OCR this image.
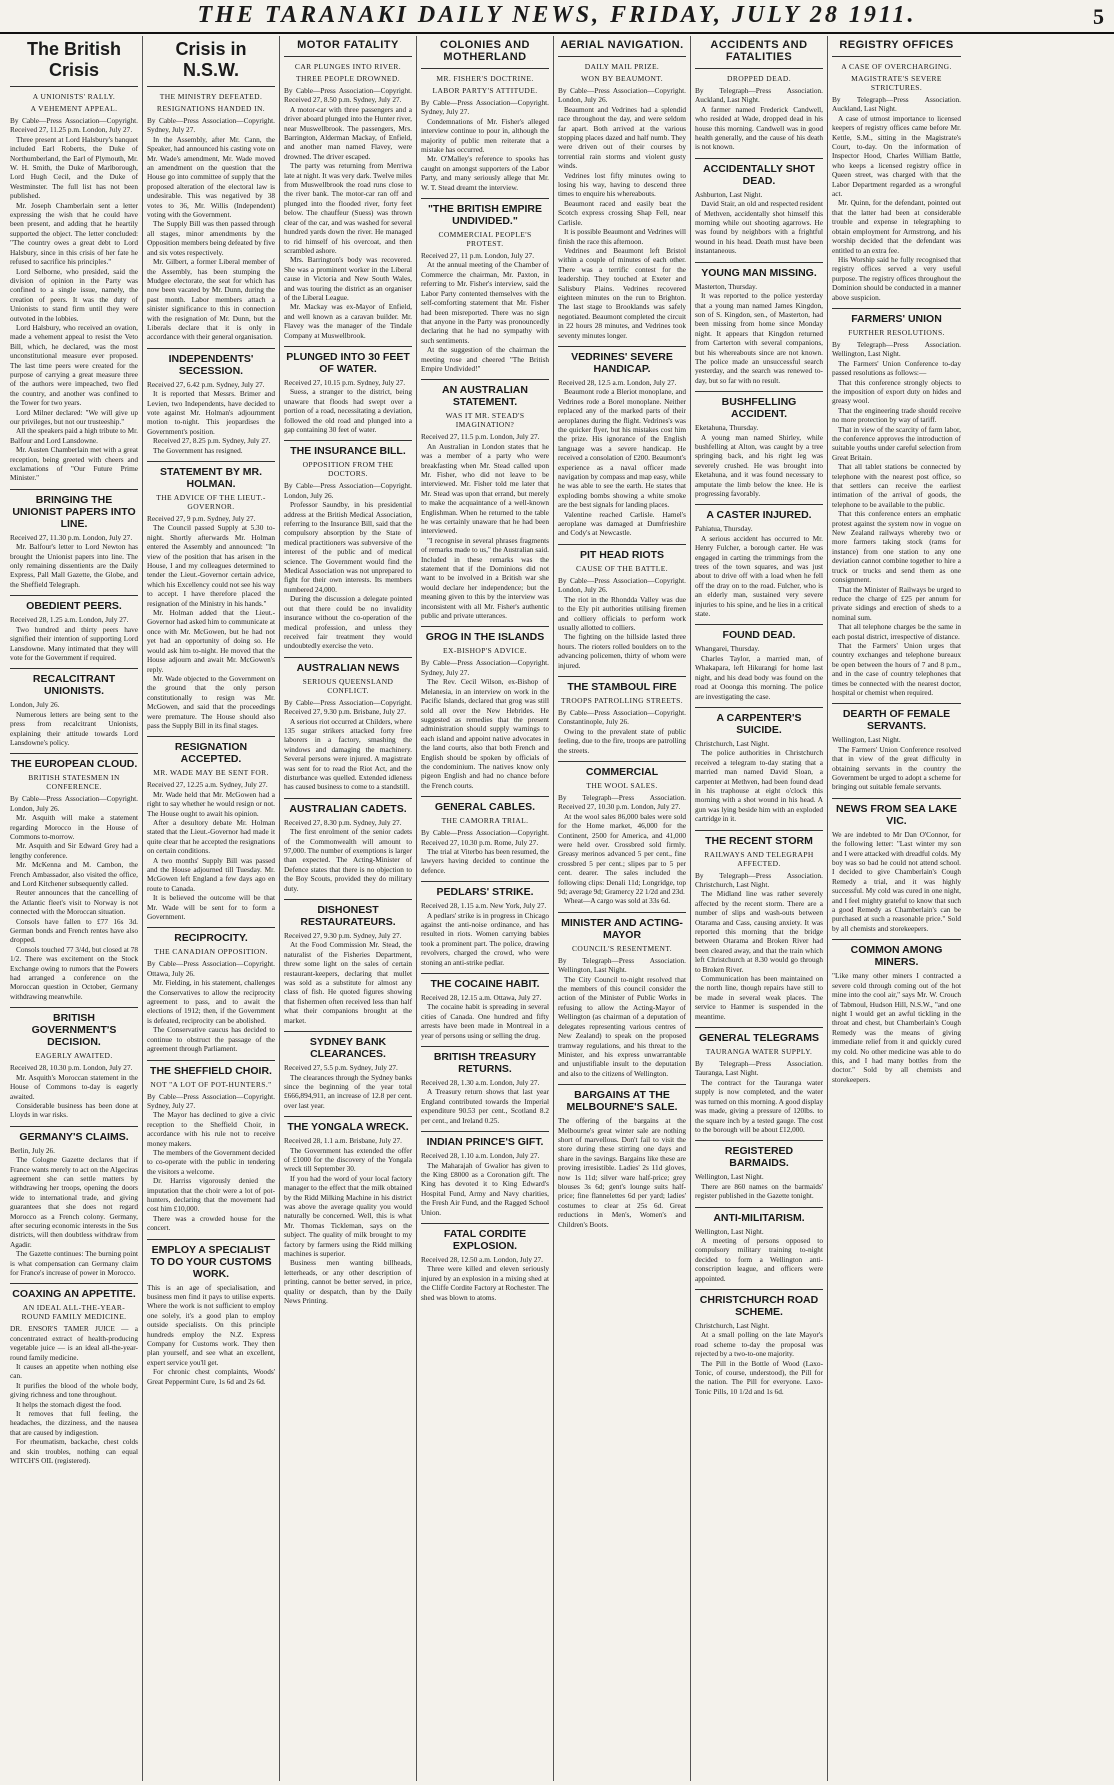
THE TARANAKI DAILY NEWS, FRIDAY, JULY 28 1911.	5
The British Crisis
A UNIONISTS' RALLY.
A VEHEMENT APPEAL.

By Cable—Press Association—Copyright. Received 27, 11.25 p.m. London, July 27.

Three present at Lord Halsbury's banquet included Earl Roberts, the Duke of Northumberland, the Earl of Plymouth, Mr. W. H. Smith, the Duke of Marlborough, Lord Hugh Cecil, and the Duke of Westminster. The full list has not been published.

Mr. Joseph Chamberlain sent a letter expressing the wish that he could have been present, and adding that he heartily supported the object. The letter concluded: "The country owes a great debt to Lord Halsbury, since in this crisis of her fate he refused to sacrifice his principles."

Lord Selborne, who presided, said the division of opinion in the Party was confined to a single issue, namely, the creation of peers. It was the duty of Unionists to stand firm until they were outvoted in the lobbies.

Lord Halsbury, who received an ovation, made a vehement appeal to resist the Veto Bill, which, he declared, was the most unconstitutional measure ever proposed. The last time peers were created for the purpose of carrying a great measure three of the authors were impeached, two fled the country, and another was confined to the Tower for two years.

Lord Milner declared: "We will give up our privileges, but not our trusteeship."

All the speakers paid a high tribute to Mr. Balfour and Lord Lansdowne.

Mr. Austen Chamberlain met with a great reception, being greeted with cheers and exclamations of "Our Future Prime Minister."

BRINGING THE UNIONIST PAPERS INTO LINE.

Received 27, 11.30 p.m. London, July 27.

Mr. Balfour's letter to Lord Newton has brought the Unionist papers into line. The only remaining dissentients are the Daily Express, Pall Mall Gazette, the Globe, and the Sheffield Telegraph.

OBEDIENT PEERS.

Received 28, 1.25 a.m. London, July 27.

Two hundred and thirty peers have signified their intention of supporting Lord Lansdowne. Many intimated that they will vote for the Government if required.

RECALCITRANT UNIONISTS.

London, July 26.

Numerous letters are being sent to the press from recalcitrant Unionists, explaining their attitude towards Lord Lansdowne's policy.

THE EUROPEAN CLOUD.
BRITISH STATESMEN IN CONFERENCE.

By Cable—Press Association—Copyright. London, July 26.

Mr. Asquith will make a statement regarding Morocco in the House of Commons to-morrow.

Mr. Asquith and Sir Edward Grey had a lengthy conference.

Mr. McKenna and M. Cambon, the French Ambassador, also visited the office, and Lord Kitchener subsequently called.

Reuter announces that the cancelling of the Atlantic fleet's visit to Norway is not connected with the Moroccan situation.

Consols have fallen to £77 16s 3d. German bonds and French rentes have also dropped.

Consols touched 77 3/4d, but closed at 78 1/2. There was excitement on the Stock Exchange owing to rumors that the Powers had arranged a conference on the Moroccan question in October, Germany withdrawing meanwhile.

BRITISH GOVERNMENT'S DECISION.
EAGERLY AWAITED.

Received 28, 10.30 p.m. London, July 27.

Mr. Asquith's Moroccan statement in the House of Commons to-day is eagerly awaited.

Considerable business has been done at Lloyds in war risks.

GERMANY'S CLAIMS.

Berlin, July 26.

The Cologne Gazette declares that if France wants merely to act on the Algeciras agreement she can settle matters by withdrawing her troops, opening the doors wide to international trade, and giving guarantees that she does not regard Morocco as a French colony. Germany, after securing economic interests in the Sus districts, will then doubtless withdraw from Agadir.

The Gazette continues: The burning point is what compensation can Germany claim for France's increase of power in Morocco.

COAXING AN APPETITE.
AN IDEAL ALL-THE-YEAR-ROUND FAMILY MEDICINE.

DR. ENSOR'S TAMER JUICE — a concentrated extract of health-producing vegetable juice — is an ideal all-the-year-round family medicine.

It causes an appetite when nothing else can.

It purifies the blood of the whole body, giving richness and tone throughout.

It helps the stomach digest the food.

It removes that full feeling, the headaches, the dizziness, and the nausea that are caused by indigestion.

For rheumatism, backache, chest colds and skin troubles, nothing can equal WITCH'S OIL (registered).

Crisis in N.S.W.
THE MINISTRY DEFEATED.
RESIGNATIONS HANDED IN.

By Cable—Press Association—Copyright. Sydney, July 27.

In the Assembly, after Mr. Cann, the Speaker, had announced his casting vote on Mr. Wade's amendment, Mr. Wade moved an amendment on the question that the House go into committee of supply that the proposed alteration of the electoral law is undesirable. This was negatived by 38 votes to 36, Mr. Willis (Independent) voting with the Government.

The Supply Bill was then passed through all stages, minor amendments by the Opposition members being defeated by five and six votes respectively.

Mr. Gilbert, a former Liberal member of the Assembly, has been stumping the Mudgee electorate, the seat for which has now been vacated by Mr. Dunn, during the past month. Labor members attach a sinister significance to this in connection with the resignation of Mr. Dunn, but the Liberals declare that it is only in accordance with their general organisation.

INDEPENDENTS' SECESSION.

Received 27, 6.42 p.m. Sydney, July 27.

It is reported that Messrs. Brimer and Levien, two Independents, have decided to vote against Mr. Holman's adjournment motion to-night. This jeopardises the Government's position.

Received 27, 8.25 p.m. Sydney, July 27.

The Government has resigned.

STATEMENT BY MR. HOLMAN.
THE ADVICE OF THE LIEUT.-GOVERNOR.

Received 27, 9 p.m. Sydney, July 27.

The Council passed Supply at 5.30 to-night. Shortly afterwards Mr. Holman entered the Assembly and announced: "In view of the position that has arisen in the House, I and my colleagues determined to tender the Lieut.-Governor certain advice, which his Excellency could not see his way to accept. I have therefore placed the resignation of the Ministry in his hands."

Mr. Holman added that the Lieut.-Governor had asked him to communicate at once with Mr. McGowen, but he had not yet had an opportunity of doing so. He would ask him to-night. He moved that the House adjourn and await Mr. McGowen's reply.

Mr. Wade objected to the Government on the ground that the only person constitutionally to resign was Mr. McGowen, and said that the proceedings were premature. The House should also pass the Supply Bill in its final stages.

RESIGNATION ACCEPTED.
MR. WADE MAY BE SENT FOR.

Received 27, 12.25 a.m. Sydney, July 27.

Mr. Wade held that Mr. McGowen had a right to say whether he would resign or not. The House ought to await his opinion.

After a desultory debate Mr. Holman stated that the Lieut.-Governor had made it quite clear that he accepted the resignations on certain conditions.

A two months' Supply Bill was passed and the House adjourned till Tuesday. Mr. McGowen left England a few days ago en route to Canada.

It is believed the outcome will be that Mr. Wade will be sent for to form a Government.

RECIPROCITY.
THE CANADIAN OPPOSITION.

By Cable—Press Association—Copyright. Ottawa, July 26.

Mr. Fielding, in his statement, challenges the Conservatives to allow the reciprocity agreement to pass, and to await the elections of 1912; then, if the Government is defeated, reciprocity can be abolished.

The Conservative caucus has decided to continue to obstruct the passage of the agreement through Parliament.

THE SHEFFIELD CHOIR.
NOT "A LOT OF POT-HUNTERS."

By Cable—Press Association—Copyright. Sydney, July 27.

The Mayor has declined to give a civic reception to the Sheffield Choir, in accordance with his rule not to receive money makers.

The members of the Government decided to co-operate with the public in tendering the visitors a welcome.

Dr. Harriss vigorously denied the imputation that the choir were a lot of pot-hunters, declaring that the movement had cost him £10,000.

There was a crowded house for the concert.

EMPLOY A SPECIALIST TO DO YOUR CUSTOMS WORK.

This is an age of specialisation, and business men find it pays to utilise experts. Where the work is not sufficient to employ one solely, it's a good plan to employ outside specialists. On this principle hundreds employ the N.Z. Express Company for Customs work. They then plan yourself, and see what an excellent, expert service you'll get.

For chronic chest complaints, Woods' Great Peppermint Cure, 1s 6d and 2s 6d.

MOTOR FATALITY
CAR PLUNGES INTO RIVER.
THREE PEOPLE DROWNED.

By Cable—Press Association—Copyright. Received 27, 8.50 p.m. Sydney, July 27.

A motor-car with three passengers and a driver aboard plunged into the Hunter river, near Muswellbrook. The passengers, Mrs. Barrington, Alderman Mackay, of Enfield, and another man named Flavey, were drowned. The driver escaped.

The party was returning from Merriwa late at night. It was very dark. Twelve miles from Muswellbrook the road runs close to the river bank. The motor-car ran off and plunged into the flooded river, forty feet below. The chauffeur (Suess) was thrown clear of the car, and was washed for several hundred yards down the river. He managed to rid himself of his overcoat, and then scrambled ashore.

Mrs. Barrington's body was recovered. She was a prominent worker in the Liberal cause in Victoria and New South Wales, and was touring the district as an organiser of the Liberal League.

Mr. Mackay was ex-Mayor of Enfield, and well known as a caravan builder. Mr. Flavey was the manager of the Tindale Company at Muswellbrook.

PLUNGED INTO 30 FEET OF WATER.

Received 27, 10.15 p.m. Sydney, July 27.

Suess, a stranger to the district, being unaware that floods had swept over a portion of a road, necessitating a deviation, followed the old road and plunged into a gap containing 30 feet of water.

THE INSURANCE BILL.
OPPOSITION FROM THE DOCTORS.

By Cable—Press Association—Copyright. London, July 26.

Professor Saundby, in his presidential address at the British Medical Association, referring to the Insurance Bill, said that the compulsory absorption by the State of medical practitioners was subversive of the interest of the public and of medical science. The Government would find the Medical Association was not unprepared to fight for their own interests. Its members numbered 24,000.

During the discussion a delegate pointed out that there could be no invalidity insurance without the co-operation of the medical profession, and unless they received fair treatment they would undoubtedly exercise the veto.

AUSTRALIAN NEWS
SERIOUS QUEENSLAND CONFLICT.

By Cable—Press Association—Copyright. Received 27, 9.30 p.m. Brisbane, July 27.

A serious riot occurred at Childers, where 135 sugar strikers attacked forty free laborers in a factory, smashing the windows and damaging the machinery. Several persons were injured. A magistrate was sent for to read the Riot Act, and the disturbance was quelled. Extended idleness has caused business to come to a standstill.

AUSTRALIAN CADETS.

Received 27, 8.30 p.m. Sydney, July 27.

The first enrolment of the senior cadets of the Commonwealth will amount to 97,000. The number of exemptions is larger than expected. The Acting-Minister of Defence states that there is no objection to the Boy Scouts, provided they do military duty.

DISHONEST RESTAURATEURS.

Received 27, 9.30 p.m. Sydney, July 27.

At the Food Commission Mr. Stead, the naturalist of the Fisheries Department, threw some light on the sales of certain restaurant-keepers, declaring that mullet was sold as a substitute for almost any class of fish. He quoted figures showing that fishermen often received less than half what their companions brought at the market.

SYDNEY BANK CLEARANCES.

Received 27, 5.5 p.m. Sydney, July 27.

The clearances through the Sydney banks since the beginning of the year total £666,894,911, an increase of 12.8 per cent. over last year.

THE YONGALA WRECK.

Received 28, 1.1 a.m. Brisbane, July 27.

The Government has extended the offer of £1000 for the discovery of the Yongala wreck till September 30.

If you had the word of your local factory manager to the effect that the milk obtained by the Ridd Milking Machine in his district was above the average quality you would naturally be concerned. Well, this is what Mr. Thomas Tickleman, says on the subject. The quality of milk brought to my factory by farmers using the Ridd milking machines is superior.

Business men wanting billheads, letterheads, or any other description of printing, cannot be better served, in price, quality or despatch, than by the Daily News Printing.

COLONIES AND MOTHERLAND
MR. FISHER'S DOCTRINE.
LABOR PARTY'S ATTITUDE.

By Cable—Press Association—Copyright. Sydney, July 27.

Condemnations of Mr. Fisher's alleged interview continue to pour in, although the majority of public men reiterate that a mistake has occurred.

Mr. O'Malley's reference to spooks has caught on amongst supporters of the Labor Party, and many seriously allege that Mr. W. T. Stead dreamt the interview.

"THE BRITISH EMPIRE UNDIVIDED."
COMMERCIAL PEOPLE'S PROTEST.

Received 27, 11 p.m. London, July 27.

At the annual meeting of the Chamber of Commerce the chairman, Mr. Paxton, in referring to Mr. Fisher's interview, said the Labor Party contented themselves with the self-comforting statement that Mr. Fisher had been misreported. There was no sign that anyone in the Party was pronouncedly declaring that he had no sympathy with such sentiments.

At the suggestion of the chairman the meeting rose and cheered "The British Empire Undivided!"

AN AUSTRALIAN STATEMENT.
WAS IT MR. STEAD'S IMAGINATION?

Received 27, 11.5 p.m. London, July 27.

An Australian in London states that he was a member of a party who were breakfasting when Mr. Stead called upon Mr. Fisher, who did not leave to be interviewed. Mr. Fisher told me later that Mr. Stead was upon that errand, but merely to make the acquaintance of a well-known Englishman. When he returned to the table he was certainly unaware that he had been interviewed.

"I recognise in several phrases fragments of remarks made to us," the Australian said. Included in these remarks was the statement that if the Dominions did not want to be involved in a British war she would declare her independence; but the meaning given to this by the interview was inconsistent with all Mr. Fisher's authentic public and private utterances.

GROG IN THE ISLANDS
EX-BISHOP'S ADVICE.

By Cable—Press Association—Copyright. Sydney, July 27.

The Rev. Cecil Wilson, ex-Bishop of Melanesia, in an interview on work in the Pacific Islands, declared that grog was still sold all over the New Hebrides. He suggested as remedies that the present administration should supply warnings to each island and appoint native advocates in the land courts, also that both French and English should be spoken by officials of the condominium. The natives know only pigeon English and had no chance before the French courts.

GENERAL CABLES.
THE CAMORRA TRIAL.

By Cable—Press Association—Copyright. Received 27, 10.30 p.m. Rome, July 27.

The trial at Viterbo has been resumed, the lawyers having decided to continue the defence.

PEDLARS' STRIKE.

Received 28, 1.15 a.m. New York, July 27.

A pedlars' strike is in progress in Chicago against the anti-noise ordinance, and has resulted in riots. Women carrying babies took a prominent part. The police, drawing revolvers, charged the crowd, who were stoning an anti-strike pedlar.

THE COCAINE HABIT.

Received 28, 12.15 a.m. Ottawa, July 27.

The cocaine habit is spreading in several cities of Canada. One hundred and fifty arrests have been made in Montreal in a year of persons using or selling the drug.

BRITISH TREASURY RETURNS.

Received 28, 1.30 a.m. London, July 27.

A Treasury return shows that last year England contributed towards the Imperial expenditure 90.53 per cent., Scotland 8.2 per cent., and Ireland 0.25.

INDIAN PRINCE'S GIFT.

Received 28, 1.10 a.m. London, July 27.

The Maharajah of Gwalior has given to the King £8000 as a Coronation gift. The King has devoted it to King Edward's Hospital Fund, Army and Navy charities, the Fresh Air Fund, and the Ragged School Union.

FATAL CORDITE EXPLOSION.

Received 28, 12.50 a.m. London, July 27.

Three were killed and eleven seriously injured by an explosion in a mixing shed at the Cliffe Cordite Factory at Rochester. The shed was blown to atoms.

AERIAL NAVIGATION.
DAILY MAIL PRIZE.
WON BY BEAUMONT.

By Cable—Press Association—Copyright. London, July 26.

Beaumont and Vedrines had a splendid race throughout the day, and were seldom far apart. Both arrived at the various stopping places dazed and half numb. They were driven out of their courses by torrential rain storms and violent gusty winds.

Vedrines lost fifty minutes owing to losing his way, having to descend three times to enquire his whereabouts.

Beaumont raced and easily beat the Scotch express crossing Shap Fell, near Carlisle.

It is possible Beaumont and Vedrines will finish the race this afternoon.

Vedrines and Beaumont left Bristol within a couple of minutes of each other. There was a terrific contest for the leadership. They touched at Exeter and Salisbury Plains. Vedrines recovered eighteen minutes on the run to Brighton. The last stage to Brooklands was safely negotiated. Beaumont completed the circuit in 22 hours 28 minutes, and Vedrines took seventy minutes longer.

VEDRINES' SEVERE HANDICAP.

Received 28, 12.5 a.m. London, July 27.

Beaumont rode a Bleriot monoplane, and Vedrines rode a Borel monoplane. Neither replaced any of the marked parts of their aeroplanes during the flight. Vedrines's was the quicker flyer, but his mistakes cost him the prize. His ignorance of the English language was a severe handicap. He received a consolation of £200. Beaumont's experience as a naval officer made navigation by compass and map easy, while he was able to see the earth. He states that exploding bombs showing a white smoke are the best signals for landing places.

Valentine reached Carlisle. Hamel's aeroplane was damaged at Dumfrieshire and Cody's at Newcastle.

PIT HEAD RIOTS
CAUSE OF THE BATTLE.

By Cable—Press Association—Copyright. London, July 26.

The riot in the Rhondda Valley was due to the Ely pit authorities utilising firemen and colliery officials to perform work usually allotted to colliers.

The fighting on the hillside lasted three hours. The rioters rolled boulders on to the advancing policemen, thirty of whom were injured.

THE STAMBOUL FIRE
TROOPS PATROLLING STREETS.

By Cable—Press Association—Copyright. Constantinople, July 26.

Owing to the prevalent state of public feeling, due to the fire, troops are patrolling the streets.

COMMERCIAL
THE WOOL SALES.

By Telegraph—Press Association. Received 27, 10.30 p.m. London, July 27.

At the wool sales 86,000 bales were sold for the Home market, 46,000 for the Continent, 2500 for America, and 41,000 were held over. Crossbred sold firmly. Greasy merinos advanced 5 per cent., fine crossbred 5 per cent.; slipes par to 5 per cent. dearer. The sales included the following clips: Denali 11d; Longridge, top 9d; average 9d; Gramercy 22 1/2d and 23d.

Wheat—A cargo was sold at 33s 6d.

MINISTER AND ACTING-MAYOR
COUNCIL'S RESENTMENT.

By Telegraph—Press Association. Wellington, Last Night.

The City Council to-night resolved that the members of this council consider the action of the Minister of Public Works in refusing to allow the Acting-Mayor of Wellington (as chairman of a deputation of delegates representing various centres of New Zealand) to speak on the proposed tramway regulations, and his threat to the Minister, and his express unwarrantable and unjustifiable insult to the deputation and also to the citizens of Wellington.

BARGAINS AT THE MELBOURNE'S SALE.

The offering of the bargains at the Melbourne's great winter sale are nothing short of marvellous. Don't fail to visit the store during these stirring one days and share in the savings. Bargains like these are proving irresistible. Ladies' 2s 11d gloves, now 1s 11d; silver ware half-price; grey blouses 3s 6d; gent's lounge suits half-price; fine flannelettes 6d per yard; ladies' costumes to clear at 25s 6d. Great reductions in Men's, Women's and Children's Boots.

ACCIDENTS AND FATALITIES
DROPPED DEAD.

By Telegraph—Press Association. Auckland, Last Night.

A farmer named Frederick Candwell, who resided at Wade, dropped dead in his house this morning. Candwell was in good health generally, and the cause of his death is not known.

ACCIDENTALLY SHOT DEAD.

Ashburton, Last Night.

David Stair, an old and respected resident of Methven, accidentally shot himself this morning while out shooting agarrows. He was found by neighbors with a frightful wound in his head. Death must have been instantaneous.

YOUNG MAN MISSING.

Masterton, Thursday.

It was reported to the police yesterday that a young man named James Kingdon, son of S. Kingdon, sen., of Masterton, had been missing from home since Monday night. It appears that Kingdon returned from Carterton with several companions, but his whereabouts since are not known. The police made an unsuccessful search yesterday, and the search was renewed to-day, but so far with no result.

BUSHFELLING ACCIDENT.

Eketahuna, Thursday.

A young man named Shirley, while bushfelling at Alton, was caught by a tree springing back, and his right leg was severely crushed. He was brought into Eketahuna, and it was found necessary to amputate the limb below the knee. He is progressing favorably.

A CASTER INJURED.

Pahiatua, Thursday.

A serious accident has occurred to Mr. Henry Fulcher, a borough carter. He was engaged in carting the trimmings from the trees of the town squares, and was just about to drive off with a load when he fell off the dray on to the road. Fulcher, who is an elderly man, sustained very severe injuries to his spine, and he lies in a critical state.

FOUND DEAD.

Whangarei, Thursday.

Charles Taylor, a married man, of Whakapara, left Hikurangi for home last night, and his dead body was found on the road at Ooonga this morning. The police are investigating the case.

A CARPENTER'S SUICIDE.

Christchurch, Last Night.

The police authorities in Christchurch received a telegram to-day stating that a married man named David Sloan, a carpenter at Methven, had been found dead in his traphouse at eight o'clock this morning with a shot wound in his head. A gun was lying beside him with an exploded cartridge in it.

THE RECENT STORM
RAILWAYS AND TELEGRAPH AFFECTED.

By Telegraph—Press Association. Christchurch, Last Night.

The Midland line was rather severely affected by the recent storm. There are a number of slips and wash-outs between Otarama and Cass, causing anxiety. It was reported this morning that the bridge between Otarama and Broken River had been cleared away, and that the train which left Christchurch at 8.30 would go through to Broken River.

Communication has been maintained on the north line, though repairs have still to be made in several weak places. The service to Hanmer is suspended in the meantime.

GENERAL TELEGRAMS
TAURANGA WATER SUPPLY.

By Telegraph—Press Association. Tauranga, Last Night.

The contract for the Tauranga water supply is now completed, and the water was turned on this morning. A good display was made, giving a pressure of 120lbs. to the square inch by a tested gauge. The cost to the borough will be about £12,000.

REGISTERED BARMAIDS.

Wellington, Last Night.

There are 860 names on the barmaids' register published in the Gazette tonight.

ANTI-MILITARISM.

Wellington, Last Night.

A meeting of persons opposed to compulsory military training to-night decided to form a Wellington anti-conscription league, and officers were appointed.

CHRISTCHURCH ROAD SCHEME.

Christchurch, Last Night.

At a small polling on the late Mayor's road scheme to-day the proposal was rejected by a two-to-one majority.

The Pill in the Bottle of Wood (Laxo-Tonic, of course, understood), the Pill for the nation. The Pill for everyone. Laxo-Tonic Pills, 10 1/2d and 1s 6d.

REGISTRY OFFICES
A CASE OF OVERCHARGING.
MAGISTRATE'S SEVERE STRICTURES.

By Telegraph—Press Association. Auckland, Last Night.

A case of utmost importance to licensed keepers of registry offices came before Mr. Kettle, S.M., sitting in the Magistrate's Court, to-day. On the information of Inspector Hood, Charles William Battle, who keeps a licensed registry office in Queen street, was charged with that the Labor Department regarded as a wrongful act.

Mr. Quinn, for the defendant, pointed out that the latter had been at considerable trouble and expense in telegraphing to obtain employment for Armstrong, and his worship decided that the defendant was entitled to an extra fee.

His Worship said he fully recognised that registry offices served a very useful purpose. The registry offices throughout the Dominion should be conducted in a manner above suspicion.

FARMERS' UNION
FURTHER RESOLUTIONS.

By Telegraph—Press Association. Wellington, Last Night.

The Farmers' Union Conference to-day passed resolutions as follows:—

That this conference strongly objects to the imposition of export duty on hides and greasy wool.

That the engineering trade should receive no more protection by way of tariff.

That in view of the scarcity of farm labor, the conference approves the introduction of suitable youths under careful selection from Great Britain.

That all tablet stations be connected by telephone with the nearest post office, so that settlers can receive the earliest intimation of the arrival of goods, the telephone to be available to the public.

That this conference enters an emphatic protest against the system now in vogue on New Zealand railways whereby two or more farmers taking stock (rams for instance) from one station to any one deviation cannot combine together to hire a truck or trucks and send them as one consignment.

That the Minister of Railways be urged to reduce the charge of £25 per annum for private sidings and erection of sheds to a nominal sum.

That all telephone charges be the same in each postal district, irrespective of distance.

That the Farmers' Union urges that country exchanges and telephone bureaux be open between the hours of 7 and 8 p.m., and in the case of country telephones that times be connected with the nearest doctor, hospital or chemist when required.

DEARTH OF FEMALE SERVANTS.

Wellington, Last Night.

The Farmers' Union Conference resolved that in view of the great difficulty in obtaining servants in the country the Government be urged to adopt a scheme for bringing out suitable female servants.

NEWS FROM SEA LAKE VIC.

We are indebted to Mr Dan O'Connor, for the following letter: "Last winter my son and I were attacked with dreadful colds. My boy was so bad he could not attend school. I decided to give Chamberlain's Cough Remedy a trial, and it was highly successful. My cold was cured in one night, and I feel mighty grateful to know that such a good Remedy as Chamberlain's can be purchased at such a reasonable price." Sold by all chemists and storekeepers.

COMMON AMONG MINERS.

"Like many other miners I contracted a severe cold through coming out of the hot mine into the cool air," says Mr. W. Crouch of Tabmoul, Hudson Hill, N.S.W., "and one night I would get an awful tickling in the throat and chest, but Chamberlain's Cough Remedy was the means of giving immediate relief from it and quickly cured my cold. No other medicine was able to do this, and I had many bottles from the doctor." Sold by all chemists and storekeepers.
